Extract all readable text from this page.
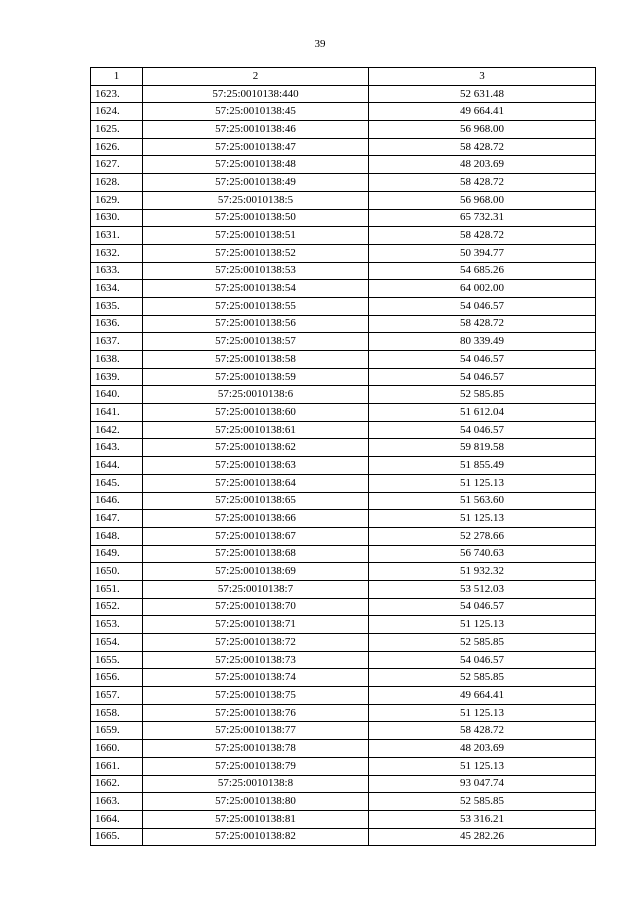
39
1	2	3
1623.	57:25:0010138:440	52 631.48
1624.	57:25:0010138:45	49 664.41
1625.	57:25:0010138:46	56 968.00
1626.	57:25:0010138:47	58 428.72
1627.	57:25:0010138:48	48 203.69
1628.	57:25:0010138:49	58 428.72
1629.	57:25:0010138:5	56 968.00
1630.	57:25:0010138:50	65 732.31
1631.	57:25:0010138:51	58 428.72
1632.	57:25:0010138:52	50 394.77
1633.	57:25:0010138:53	54 685.26
1634.	57:25:0010138:54	64 002.00
1635.	57:25:0010138:55	54 046.57
1636.	57:25:0010138:56	58 428.72
1637.	57:25:0010138:57	80 339.49
1638.	57:25:0010138:58	54 046.57
1639.	57:25:0010138:59	54 046.57
1640.	57:25:0010138:6	52 585.85
1641.	57:25:0010138:60	51 612.04
1642.	57:25:0010138:61	54 046.57
1643.	57:25:0010138:62	59 819.58
1644.	57:25:0010138:63	51 855.49
1645.	57:25:0010138:64	51 125.13
1646.	57:25:0010138:65	51 563.60
1647.	57:25:0010138:66	51 125.13
1648.	57:25:0010138:67	52 278.66
1649.	57:25:0010138:68	56 740.63
1650.	57:25:0010138:69	51 932.32
1651.	57:25:0010138:7	53 512.03
1652.	57:25:0010138:70	54 046.57
1653.	57:25:0010138:71	51 125.13
1654.	57:25:0010138:72	52 585.85
1655.	57:25:0010138:73	54 046.57
1656.	57:25:0010138:74	52 585.85
1657.	57:25:0010138:75	49 664.41
1658.	57:25:0010138:76	51 125.13
1659.	57:25:0010138:77	58 428.72
1660.	57:25:0010138:78	48 203.69
1661.	57:25:0010138:79	51 125.13
1662.	57:25:0010138:8	93 047.74
1663.	57:25:0010138:80	52 585.85
1664.	57:25:0010138:81	53 316.21
1665.	57:25:0010138:82	45 282.26
